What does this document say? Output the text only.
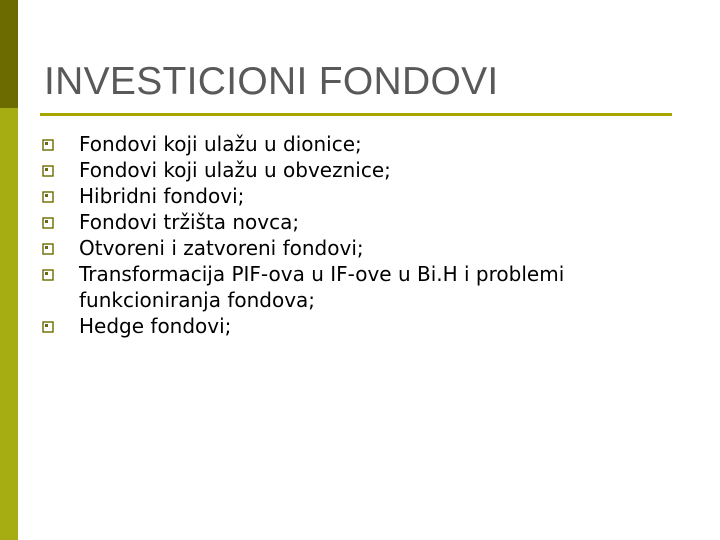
INVESTICIONI FONDOVI
Fondovi koji ulažu u dionice;
Fondovi koji ulažu u obveznice;
Hibridni fondovi;
Fondovi tržišta novca;
Otvoreni i zatvoreni fondovi;
Transformacija PIF-ova u IF-ove u Bi.H i problemi funkcioniranja fondova;
Hedge fondovi;
